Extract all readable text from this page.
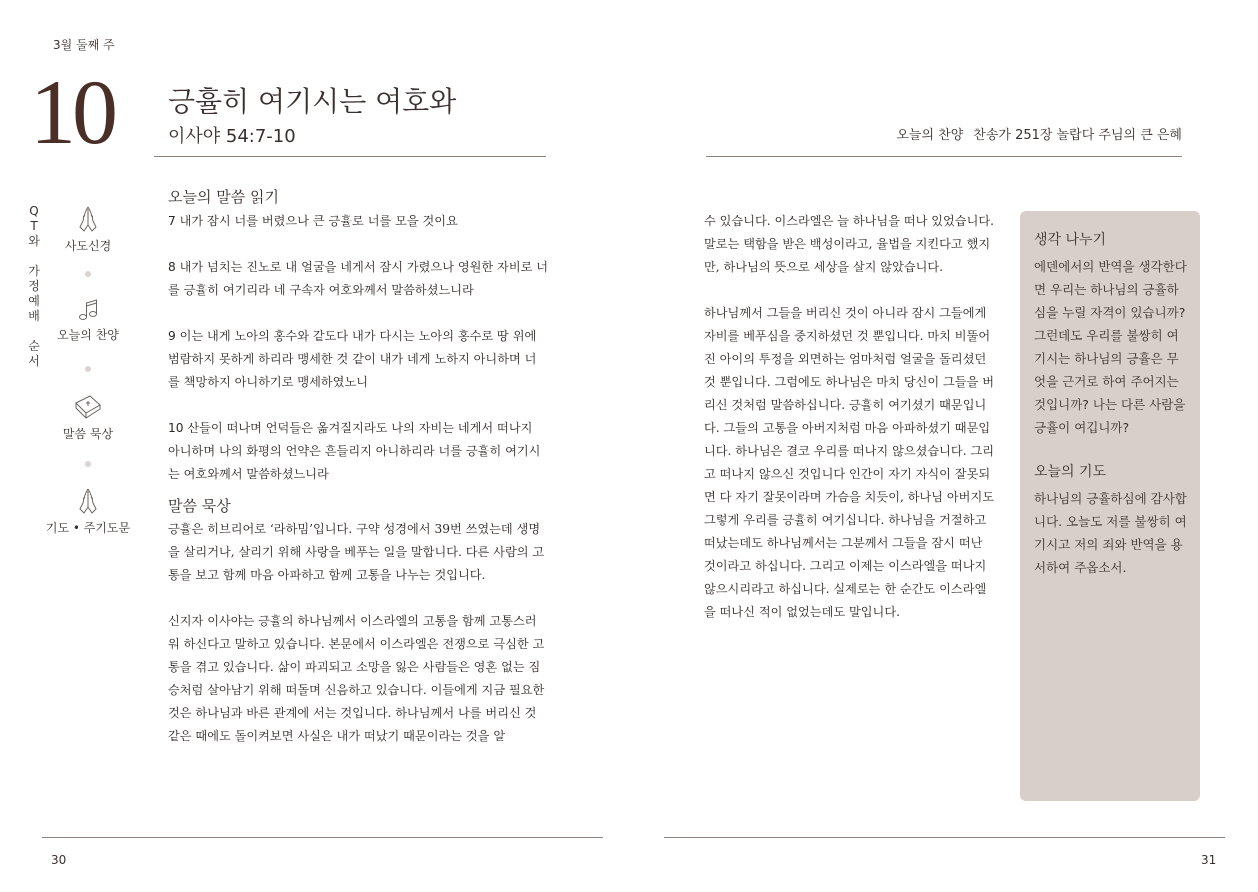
3월 둘째 주
10 긍휼히 여기시는 여호와
이사야 54:7-10	오늘의 찬양 찬송가 251장 놀랍다 주님의 큰 은혜
Q
T
와
가
정
예
배
순
서
사도신경
오늘의 찬양
말씀 묵상
기도 • 주기도문
오늘의 말씀 읽기

7 내가 잠시 너를 버렸으나 큰 긍휼로 너를 모을 것이요

8 내가 넘치는 진노로 내 얼굴을 네게서 잠시 가렸으나 영원한 자비로 너를 긍휼히 여기리라 네 구속자 여호와께서 말씀하셨느니라

9 이는 내게 노아의 홍수와 같도다 내가 다시는 노아의 홍수로 땅 위에 범람하지 못하게 하리라 맹세한 것 같이 내가 네게 노하지 아니하며 너를 책망하지 아니하기로 맹세하였노니

10 산들이 떠나며 언덕들은 옮겨질지라도 나의 자비는 네게서 떠나지 아니하며 나의 화평의 언약은 흔들리지 아니하리라 너를 긍휼히 여기시는 여호와께서 말씀하셨느니라

말씀 묵상

긍휼은 히브리어로 ‘라하밈’입니다. 구약 성경에서 39번 쓰였는데 생명을 살리거나, 살리기 위해 사랑을 베푸는 일을 말합니다. 다른 사람의 고통을 보고 함께 마음 아파하고 함께 고통을 나누는 것입니다.

신지자 이사야는 긍휼의 하나님께서 이스라엘의 고통을 함께 고통스러워 하신다고 말하고 있습니다. 본문에서 이스라엘은 전쟁으로 극심한 고통을 겪고 있습니다. 삶이 파괴되고 소망을 잃은 사람들은 영혼 없는 짐승처럼 살아남기 위해 떠돌며 신음하고 있습니다. 이들에게 지금 필요한 것은 하나님과 바른 관계에 서는 것입니다. 하나님께서 나를 버리신 것 같은 때에도 돌이켜보면 사실은 내가 떠났기 때문이라는 것을 알

수 있습니다. 이스라엘은 늘 하나님을 떠나 있었습니다. 말로는 택함을 받은 백성이라고, 율법을 지킨다고 했지만, 하나님의 뜻으로 세상을 살지 않았습니다.

하나님께서 그들을 버리신 것이 아니라 잠시 그들에게 자비를 베푸심을 중지하셨던 것 뿐입니다. 마치 비뚤어진 아이의 투정을 외면하는 엄마처럼 얼굴을 돌리셨던 것 뿐입니다. 그럼에도 하나님은 마치 당신이 그들을 버리신 것처럼 말씀하십니다. 긍휼히 여기셨기 때문입니다. 그들의 고통을 아버지처럼 마음 아파하셨기 때문입니다. 하나님은 결코 우리를 떠나지 않으셨습니다. 그리고 떠나지 않으신 것입니다 인간이 자기 자식이 잘못되면 다 자기 잘못이라며 가슴을 치듯이, 하나님 아버지도 그렇게 우리를 긍휼히 여기십니다. 하나님을 거절하고 떠났는데도 하나님께서는 그분께서 그들을 잠시 떠난 것이라고 하십니다. 그리고 이제는 이스라엘을 떠나지 않으시리라고 하십니다. 실제로는 한 순간도 이스라엘을 떠나신 적이 없었는데도 말입니다.

생각 나누기

에덴에서의 반역을 생각한다면 우리는 하나님의 긍휼하심을 누릴 자격이 있습니까? 그런데도 우리를 불쌍히 여기시는 하나님의 긍휼은 무엇을 근거로 하여 주어지는 것입니까? 나는 다른 사람을 긍휼이 여깁니까?

오늘의 기도

하나님의 긍휼하심에 감사합니다. 오늘도 저를 불쌍히 여기시고 저의 죄와 반역을 용서하여 주옵소서.

30	31
